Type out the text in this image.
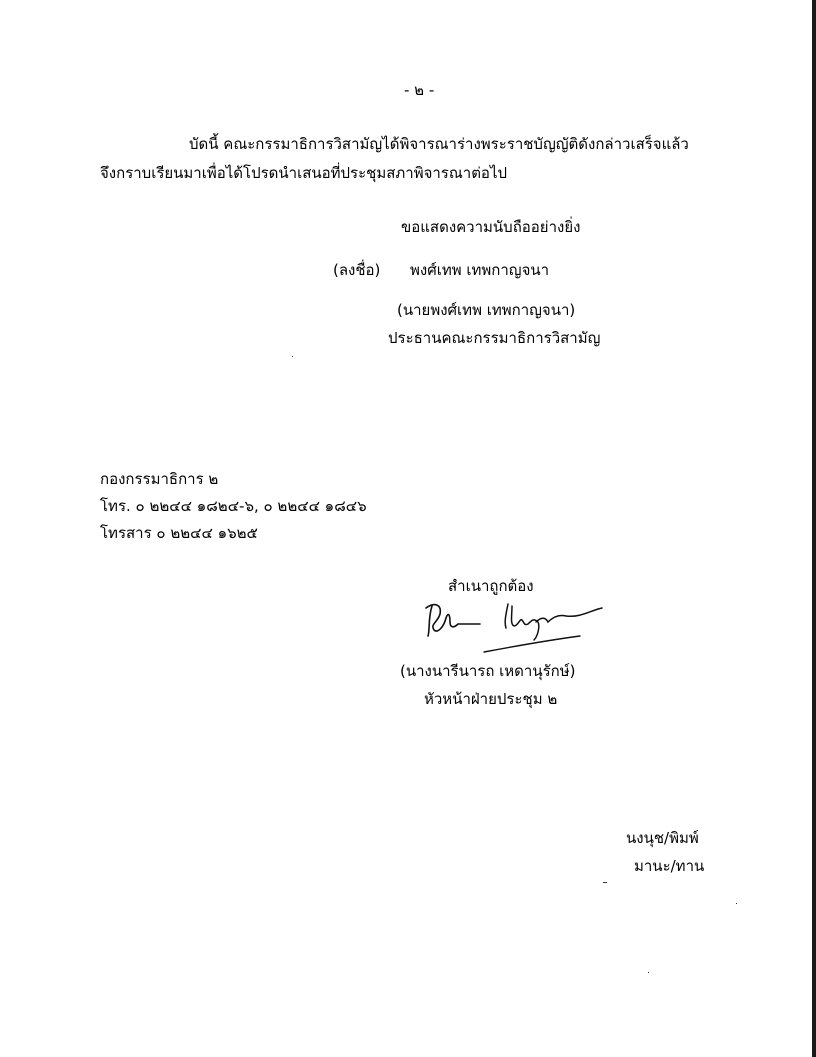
- ๒ -
บัดนี้ คณะกรรมาธิการวิสามัญได้พิจารณาร่างพระราชบัญญัติดังกล่าวเสร็จแล้ว
จึงกราบเรียนมาเพื่อได้โปรดนำเสนอที่ประชุมสภาพิจารณาต่อไป
ขอแสดงความนับถืออย่างยิ่ง
(ลงชื่อ) พงศ์เทพ เทพกาญจนา
(นายพงศ์เทพ เทพกาญจนา)
ประธานคณะกรรมาธิการวิสามัญ
กองกรรมาธิการ ๒
โทร. ๐ ๒๒๔๔ ๑๘๒๔-๖, ๐ ๒๒๔๔ ๑๘๔๖
โทรสาร ๐ ๒๒๔๔ ๑๖๒๕
สำเนาถูกต้อง
(นางนารีนารถ เหดานุรักษ์)
หัวหน้าฝ่ายประชุม ๒
นงนุช/พิมพ์
มานะ/ทาน
